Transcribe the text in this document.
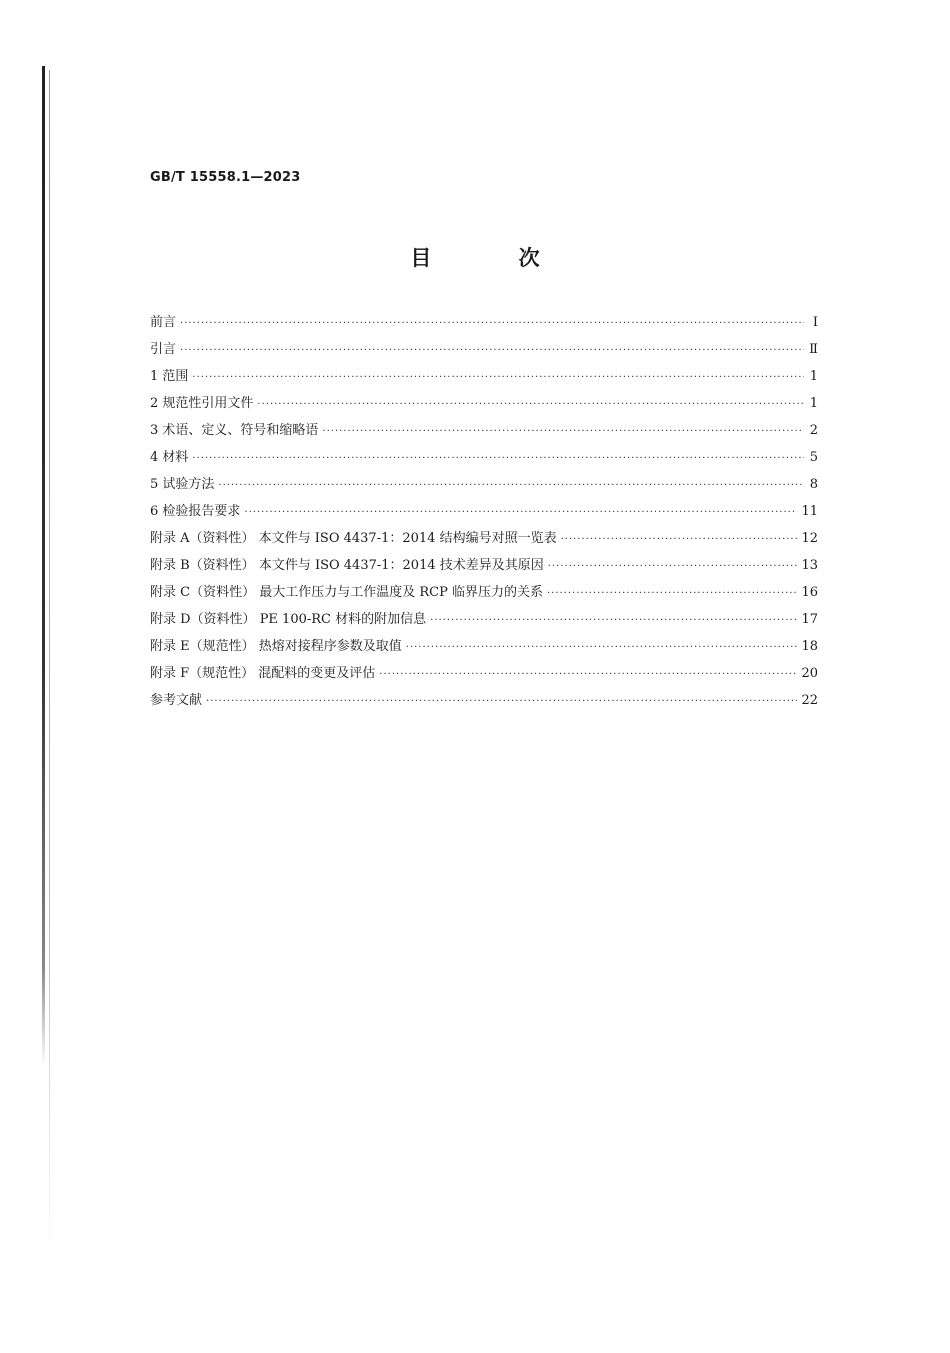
GB/T 15558.1—2023
目 次
前言 ·····	Ⅰ
引言 ·····	Ⅱ
1 范围 ·····	1
2 规范性引用文件 ·····	1
3 术语、定义、符号和缩略语 ·····	2
4 材料 ·····	5
5 试验方法 ·····	8
6 检验报告要求 ·····	11
附录 A（资料性） 本文件与 ISO 4437-1：2014 结构编号对照一览表 ·····	12
附录 B（资料性） 本文件与 ISO 4437-1：2014 技术差异及其原因 ·····	13
附录 C（资料性） 最大工作压力与工作温度及 RCP 临界压力的关系 ·····	16
附录 D（资料性） PE 100-RC 材料的附加信息 ·····	17
附录 E（规范性） 热熔对接程序参数及取值 ·····	18
附录 F（规范性） 混配料的变更及评估 ·····	20
参考文献 ·····	22
